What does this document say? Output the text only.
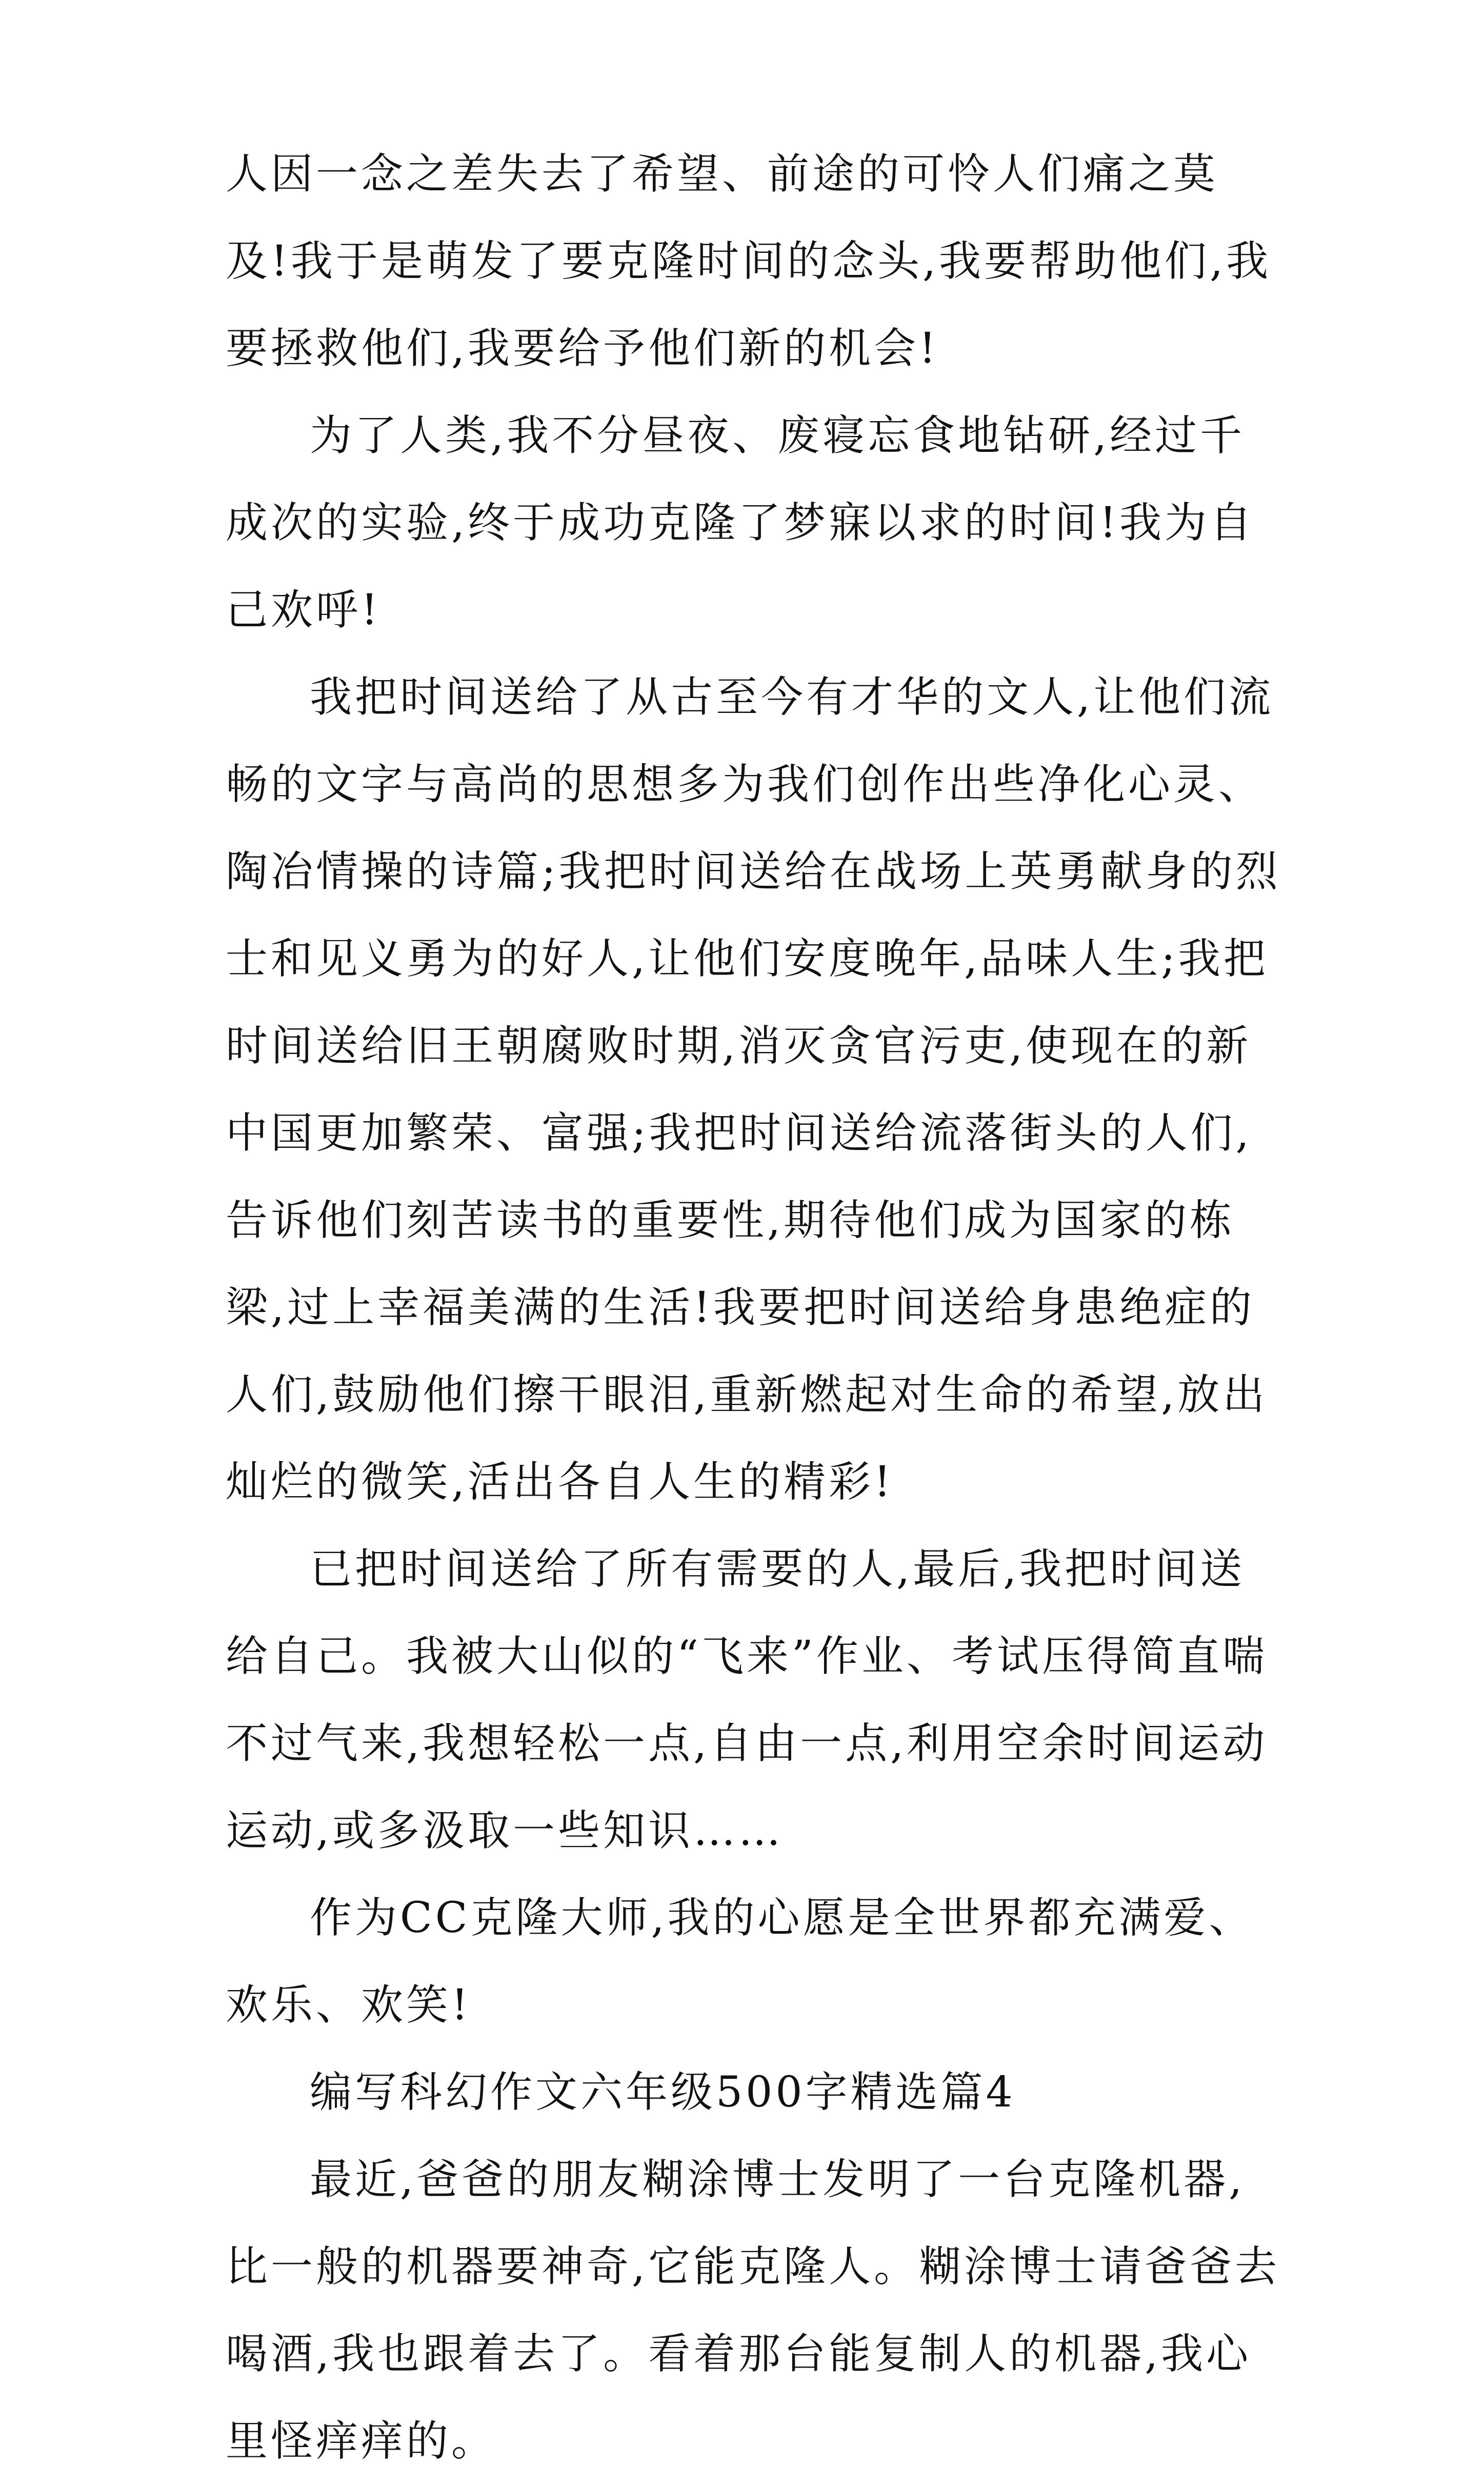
人因一念之差失去了希望、前途的可怜人们痛之莫及!我于是萌发了要克隆时间的念头,我要帮助他们,我要拯救他们,我要给予他们新的机会!

为了人类,我不分昼夜、废寝忘食地钻研,经过千成次的实验,终于成功克隆了梦寐以求的时间!我为自己欢呼!

我把时间送给了从古至今有才华的文人,让他们流畅的文字与高尚的思想多为我们创作出些净化心灵、陶冶情操的诗篇;我把时间送给在战场上英勇献身的烈士和见义勇为的好人,让他们安度晚年,品味人生;我把时间送给旧王朝腐败时期,消灭贪官污吏,使现在的新中国更加繁荣、富强;我把时间送给流落街头的人们,告诉他们刻苦读书的重要性,期待他们成为国家的栋梁,过上幸福美满的生活!我要把时间送给身患绝症的人们,鼓励他们擦干眼泪,重新燃起对生命的希望,放出灿烂的微笑,活出各自人生的精彩!

已把时间送给了所有需要的人,最后,我把时间送给自己。我被大山似的“飞来”作业、考试压得简直喘不过气来,我想轻松一点,自由一点,利用空余时间运动运动,或多汲取一些知识……

作为CC克隆大师,我的心愿是全世界都充满爱、欢乐、欢笑!

编写科幻作文六年级500字精选篇4

最近,爸爸的朋友糊涂博士发明了一台克隆机器,比一般的机器要神奇,它能克隆人。糊涂博士请爸爸去喝酒,我也跟着去了。看着那台能复制人的机器,我心里怪痒痒的。
